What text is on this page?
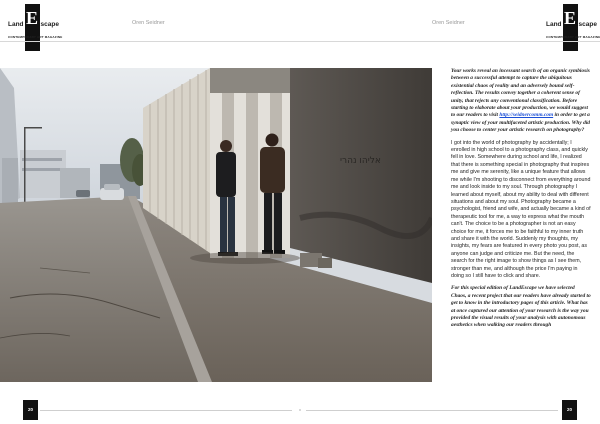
Land E scape
CONTEMPORARY ART MAGAZINE
Oren Seidner	Oren Seidner	Land E scape
CONTEMPORARY ART MAGAZINE
אליהו נהרי

Your works reveal an incessant search of an organic symbiosis between a successful attempt to capture the ubiquitous existential chaos of reality and an adversely bound self-reflection. The results convey together a coherent sense of unity, that rejects any conventional classification. Before starting to elaborate about your production, we would suggest to our readers to visit http://seidnercomm.com in order to get a synaptic view of your multifaceted artistic production. Why did you choose to center your artistic research on photography?

I got into the world of photography by accidentally; I enrolled in high school to a photography class, and quickly fell in love. Somewhere during school and life, I realized that there is something special in photography that inspires me and give me serenity, like a unique feature that allows me while I'm shooting to disconnect from everything around me and look inside to my soul. Through photography I learned about myself, about my ability to deal with different situations and about my soul. Photography became a psychologist, friend and wife, and actually became a kind of therapeutic tool for me, a way to express what the mouth can't. The choice to be a photographer is not an easy choice for me, it forces me to be faithful to my inner truth and share it with the world. Suddenly my thoughts, my insights, my fears are featured in every photo you post, as anyone can judge and criticize me. But the need, the search for the right image to show things as I see them, stronger than me, and although the price I'm paying in doing so I still have to click and share.

For this special edition of LandEscape we have selected Chaos, a recent project that our readers have already started to get to know in the introductory pages of this article. What has at once captured our attention of your research is the way you provided the visual results of your analysis with autonomous aesthetics when walking our readers through

20	20
